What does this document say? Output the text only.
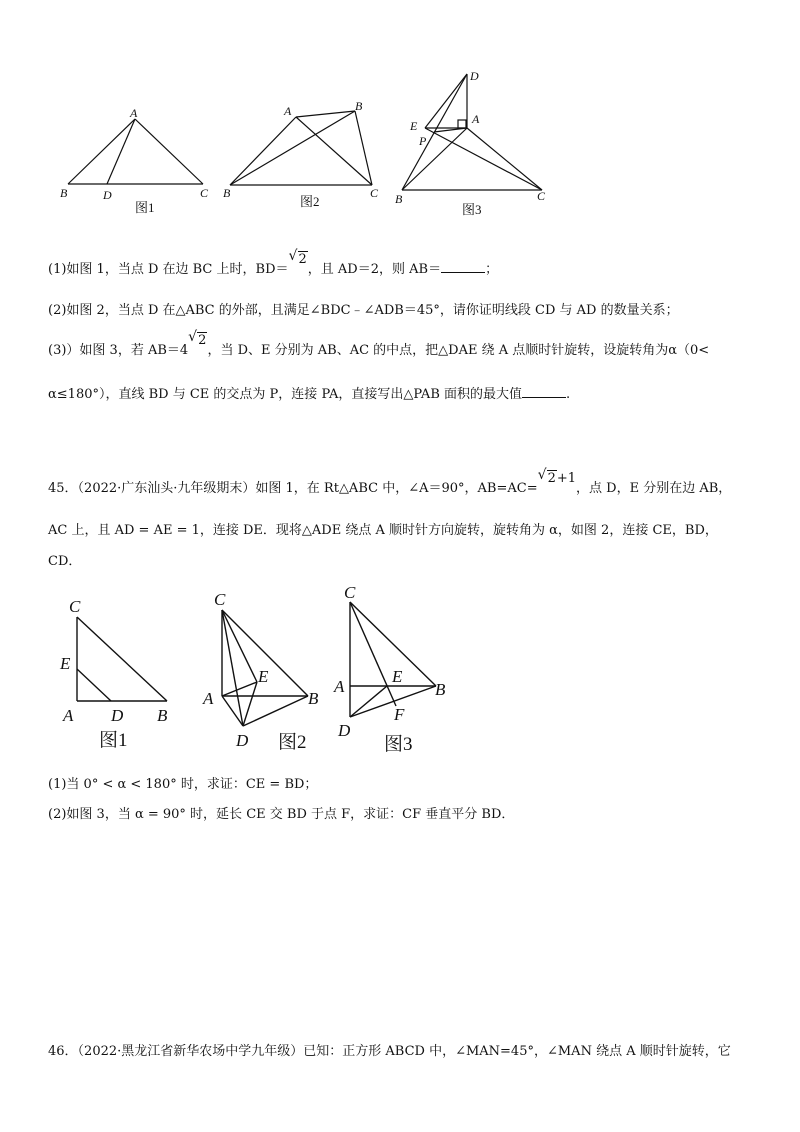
A
B	D	C
图1
A	B
B	C
图2
D
E	A
P
B	C
图3
(1)如图 1，当点 D 在边 BC 上时，BD＝√ 2，且 AD＝2，则 AB＝	；
(2)如图 2，当点 D 在△ABC 的外部，且满足∠BDC﹣∠ADB＝45°，请你证明线段 CD 与 AD 的数量关系；
(3)）如图 3，若 AB＝4√ 2，当 D、E 分别为 AB、AC 的中点，把△DAE 绕 A 点顺时针旋转，设旋转角为α（0<
α≤180°），直线 BD 与 CE 的交点为 P，连接 PA，直接写出△PAB 面积的最大值	.
45．（2022·广东汕头·九年级期末）如图 1，在 Rt△ABC 中，∠A＝90°，AB=AC=√ 2+1，点 D，E 分别在边 AB，
AC 上，且 AD = AE = 1，连接 DE．现将△ADE 绕点 A 顺时针方向旋转，旋转角为 α，如图 2，连接 CE，BD，
CD．
C
E
A D B
图1
C
E
A	B
D 图2
C
E
A	B
F
D
图3
(1)当 0° < α < 180° 时，求证：CE = BD；
(2)如图 3，当 α = 90° 时，延长 CE 交 BD 于点 F，求证：CF 垂直平分 BD．
46．（2022·黑龙江省新华农场中学九年级）已知：正方形 ABCD 中，∠MAN=45°，∠MAN 绕点 A 顺时针旋转，它
